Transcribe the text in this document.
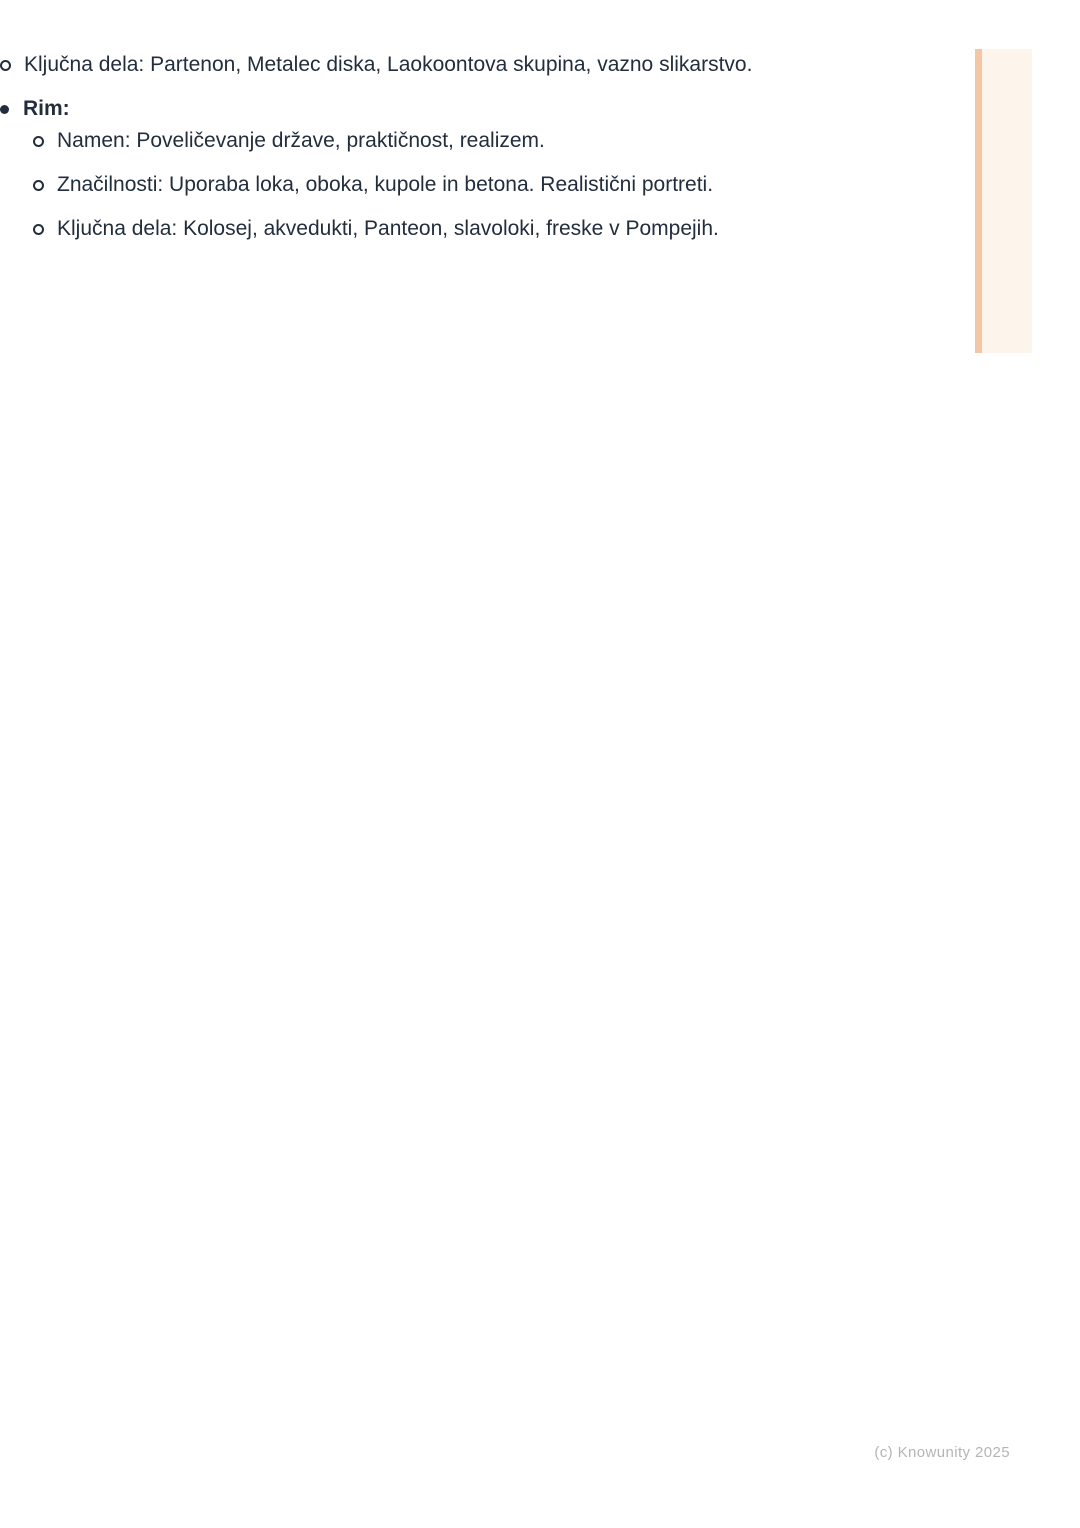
Ključna dela: Partenon, Metalec diska, Laokoontova skupina, vazno slikarstvo.
Rim:
Namen: Poveličevanje države, praktičnost, realizem.
Značilnosti: Uporaba loka, oboka, kupole in betona. Realistični portreti.
Ključna dela: Kolosej, akvedukti, Panteon, slavoloki, freske v Pompejih.
(c) Knowunity 2025
